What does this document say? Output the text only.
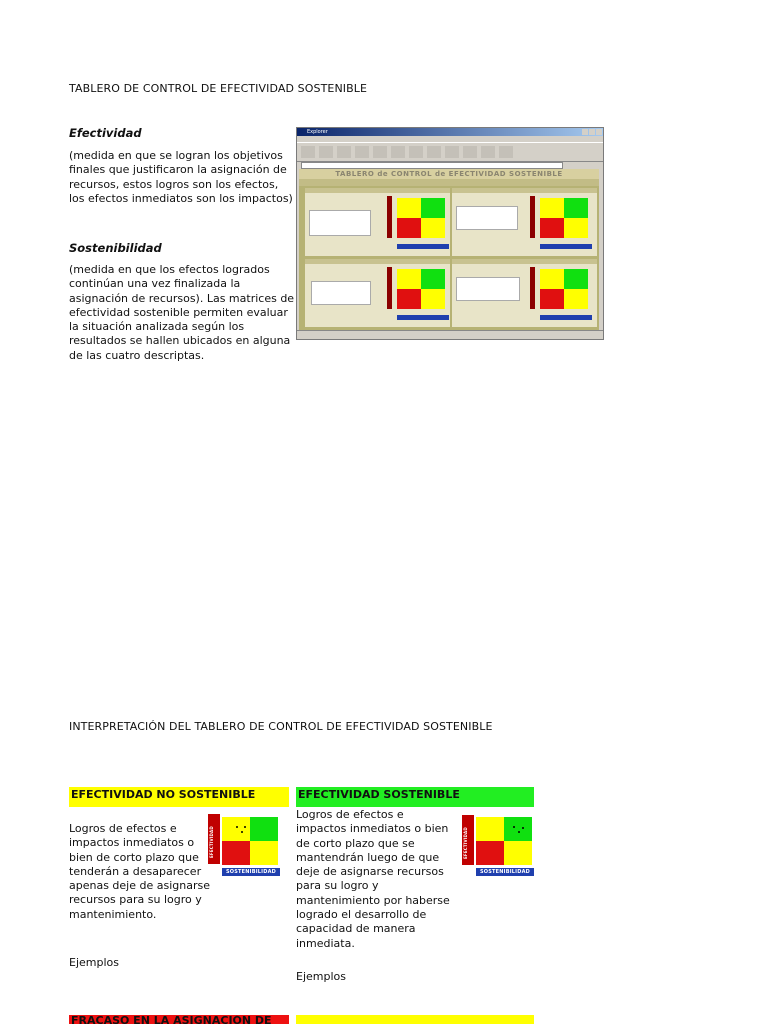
TABLERO DE CONTROL DE EFECTIVIDAD SOSTENIBLE
Efectividad
(medida en que se logran los objetivos finales que justificaron la asignación de recursos, estos logros son los efectos, los efectos inmediatos son los impactos)
Sostenibilidad
(medida en que los efectos logrados continúan una vez finalizada la asignación de recursos). Las matrices de efectividad sostenible permiten evaluar la situación analizada según los resultados se hallen ubicados en alguna de las cuatro descriptas.
Explorer
TABLERO de CONTROL de EFECTIVIDAD SOSTENIBLE
INTERPRETACIÓN DEL TABLERO DE CONTROL DE EFECTIVIDAD SOSTENIBLE
EFECTIVIDAD NO SOSTENIBLE
Logros de efectos e impactos inmediatos o bien de corto plazo que tenderán a desaparecer apenas deje de asignarse recursos para su logro y mantenimiento.
Ejemplos
EFECTIVIDAD
SOSTENIBILIDAD
EFECTIVIDAD SOSTENIBLE
Logros de efectos e impactos inmediatos o bien de corto plazo que se mantendrán luego de que deje de asignarse recursos para su logro y mantenimiento por haberse logrado el desarrollo de capacidad de manera inmediata.
Ejemplos
EFECTIVIDAD
SOSTENIBILIDAD
FRACASO EN LA ASIGNACIÓN DE
